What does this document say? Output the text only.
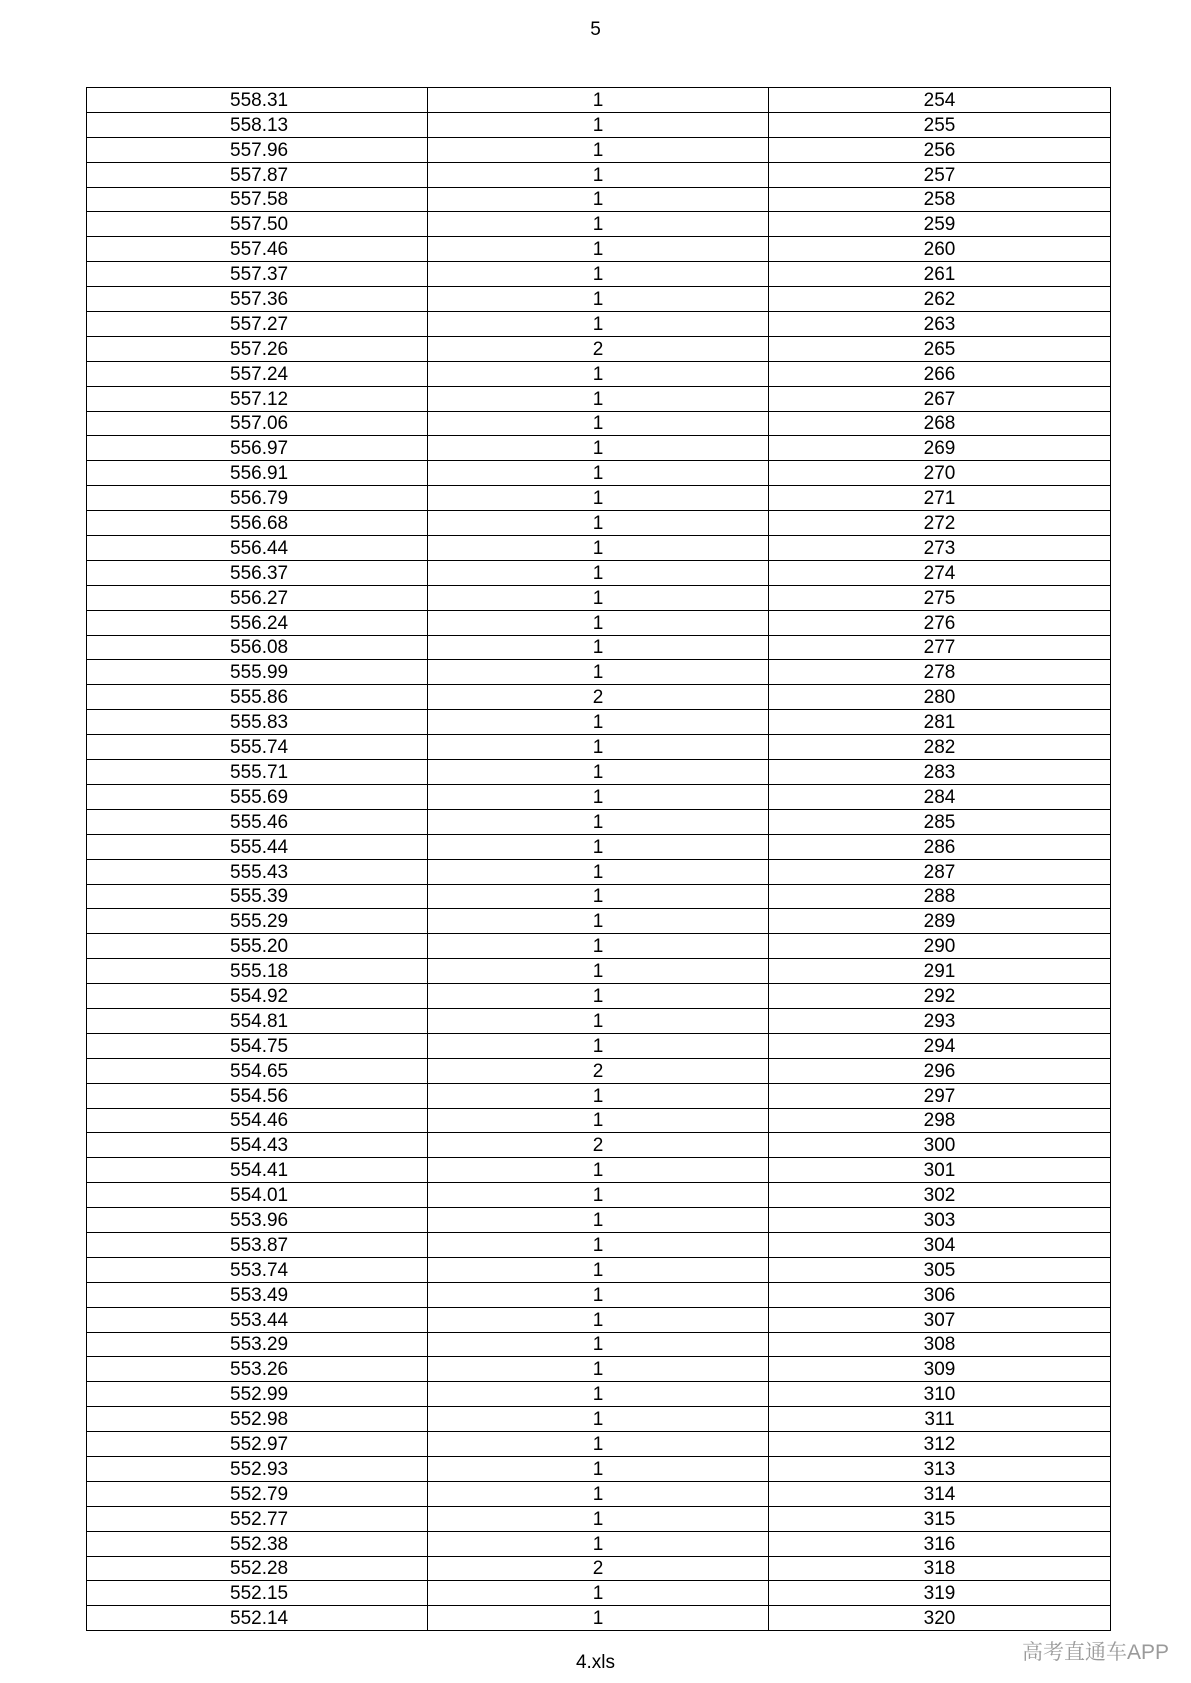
5
558.31	1	254
558.13	1	255
557.96	1	256
557.87	1	257
557.58	1	258
557.50	1	259
557.46	1	260
557.37	1	261
557.36	1	262
557.27	1	263
557.26	2	265
557.24	1	266
557.12	1	267
557.06	1	268
556.97	1	269
556.91	1	270
556.79	1	271
556.68	1	272
556.44	1	273
556.37	1	274
556.27	1	275
556.24	1	276
556.08	1	277
555.99	1	278
555.86	2	280
555.83	1	281
555.74	1	282
555.71	1	283
555.69	1	284
555.46	1	285
555.44	1	286
555.43	1	287
555.39	1	288
555.29	1	289
555.20	1	290
555.18	1	291
554.92	1	292
554.81	1	293
554.75	1	294
554.65	2	296
554.56	1	297
554.46	1	298
554.43	2	300
554.41	1	301
554.01	1	302
553.96	1	303
553.87	1	304
553.74	1	305
553.49	1	306
553.44	1	307
553.29	1	308
553.26	1	309
552.99	1	310
552.98	1	311
552.97	1	312
552.93	1	313
552.79	1	314
552.77	1	315
552.38	1	316
552.28	2	318
552.15	1	319
552.14	1	320
4.xls	高考直通车APP
